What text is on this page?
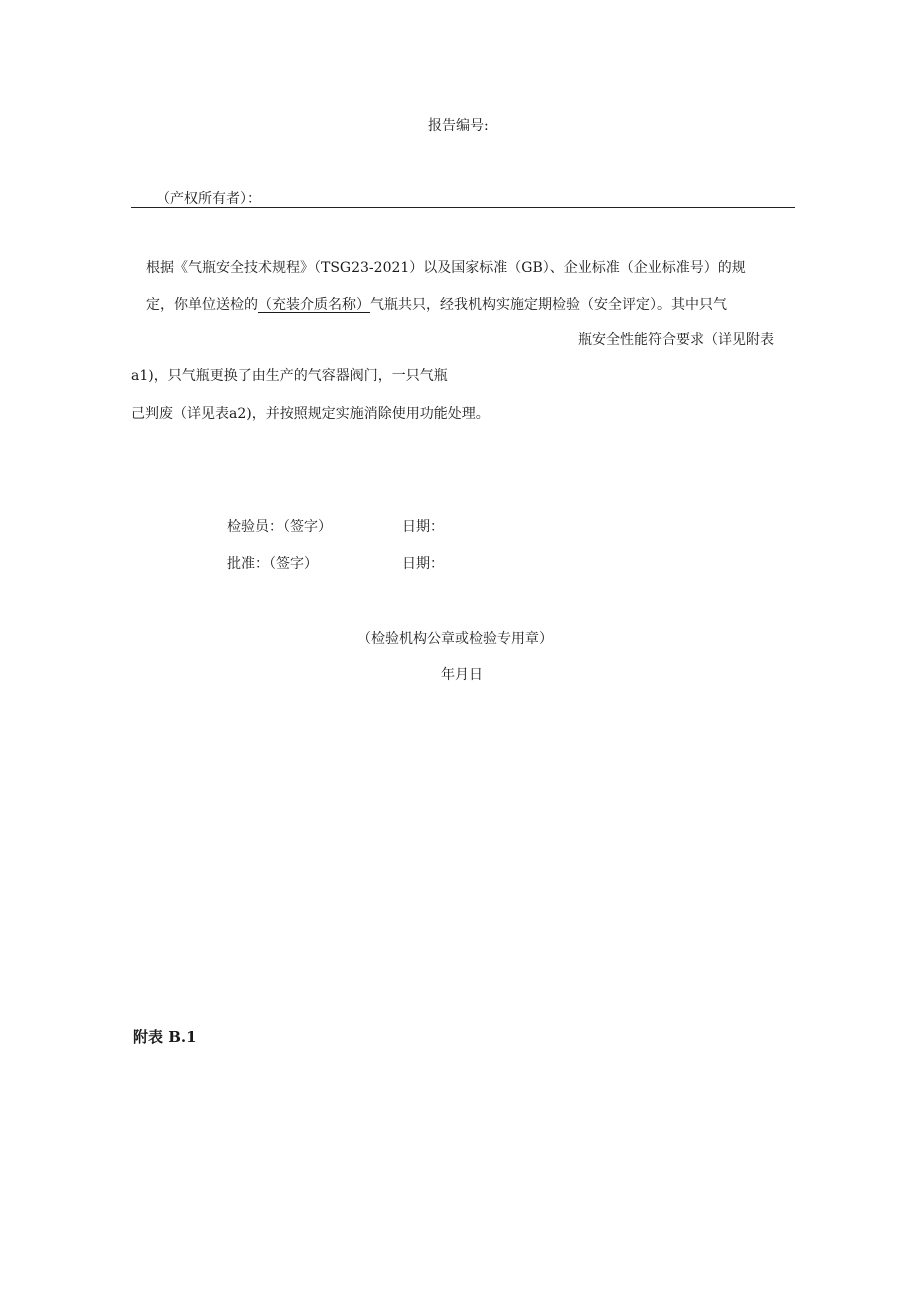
报告编号:
（产权所有者）：
根据《气瓶安全技术规程》（TSG23-2021）以及国家标准（GB）、企业标准（企业标准号）的规
定，你单位送检的（充装介质名称）气瓶共只，经我机构实施定期检验（安全评定）。其中只气
瓶安全性能符合要求（详见附表
a1)，只气瓶更换了由生产的气容器阀门，一只气瓶
己判废（详见表a2)，并按照规定实施消除使用功能处理。
检验员：（签字）	日期：
批准：（签字）	日期：
（检验机构公章或检验专用章）
年月日
附表 B.1
